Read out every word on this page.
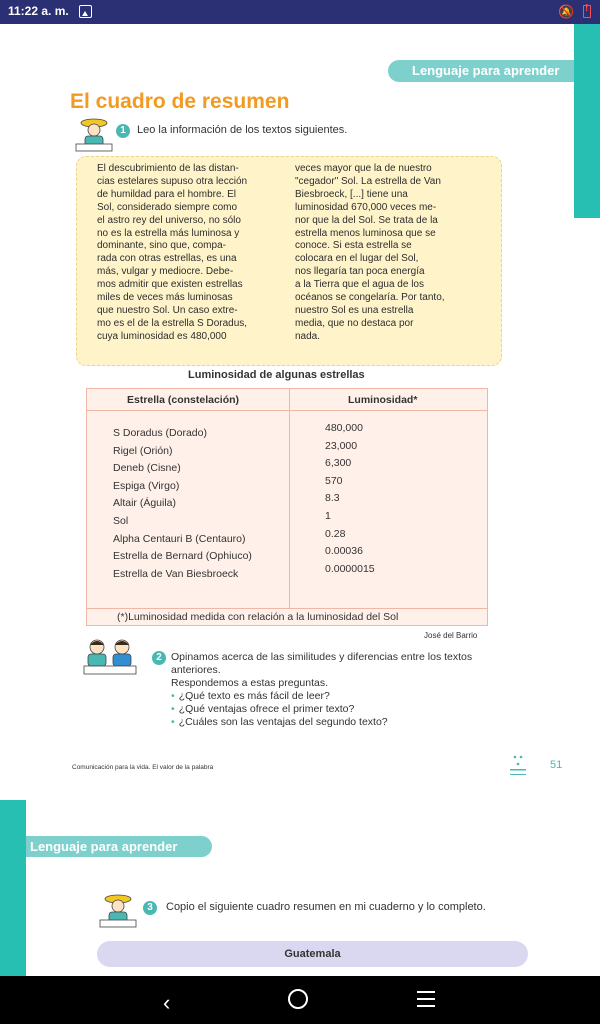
11:22 a. m.	🔕
!
Lenguaje para aprender
El cuadro de resumen
1	Leo la información de los textos siguientes.
El descubrimiento de las distan-
cias estelares supuso otra lección
de humildad para el hombre. El
Sol, considerado siempre como
el astro rey del universo, no sólo
no es la estrella más luminosa y
dominante, sino que, compa-
rada con otras estrellas, es una
más, vulgar y mediocre. Debe-
mos admitir que existen estrellas
miles de veces más luminosas
que nuestro Sol. Un caso extre-
mo es el de la estrella S Doradus,
cuya luminosidad es 480,000
veces mayor que la de nuestro
"cegador" Sol. La estrella de Van
Biesbroeck, [...] tiene una
luminosidad 670,000 veces me-
nor que la del Sol. Se trata de la
estrella menos luminosa que se
conoce. Si esta estrella se
colocara en el lugar del Sol,
nos llegaría tan poca energía
a la Tierra que el agua de los
océanos se congelaría. Por tanto,
nuestro Sol es una estrella
media, que no destaca por
nada.
Luminosidad de algunas estrellas
Estrella (constelación)	Luminosidad*
S Doradus (Dorado)	480,000
Rigel (Orión)	23,000
Deneb (Cisne)	6,300
Espiga (Virgo)	570
Altair (Águila)	8.3
Sol	1
Alpha Centauri B (Centauro)	0.28
Estrella de Bernard (Ophiuco)	0.00036
Estrella de Van Biesbroeck	0.0000015
(*)Luminosidad medida con relación a la luminosidad del Sol
José del Barrio
2 Opinamos acerca de las similitudes y diferencias entre los textos
anteriores.
Respondemos a estas preguntas.
• ¿Qué texto es más fácil de leer?
• ¿Qué ventajas ofrece el primer texto?
• ¿Cuáles son las ventajas del segundo texto?
Comunicación para la vida. El valor de la palabra	51
Lenguaje para aprender
3	Copio el siguiente cuadro resumen en mi cuaderno y lo completo.
Guatemala
‹
